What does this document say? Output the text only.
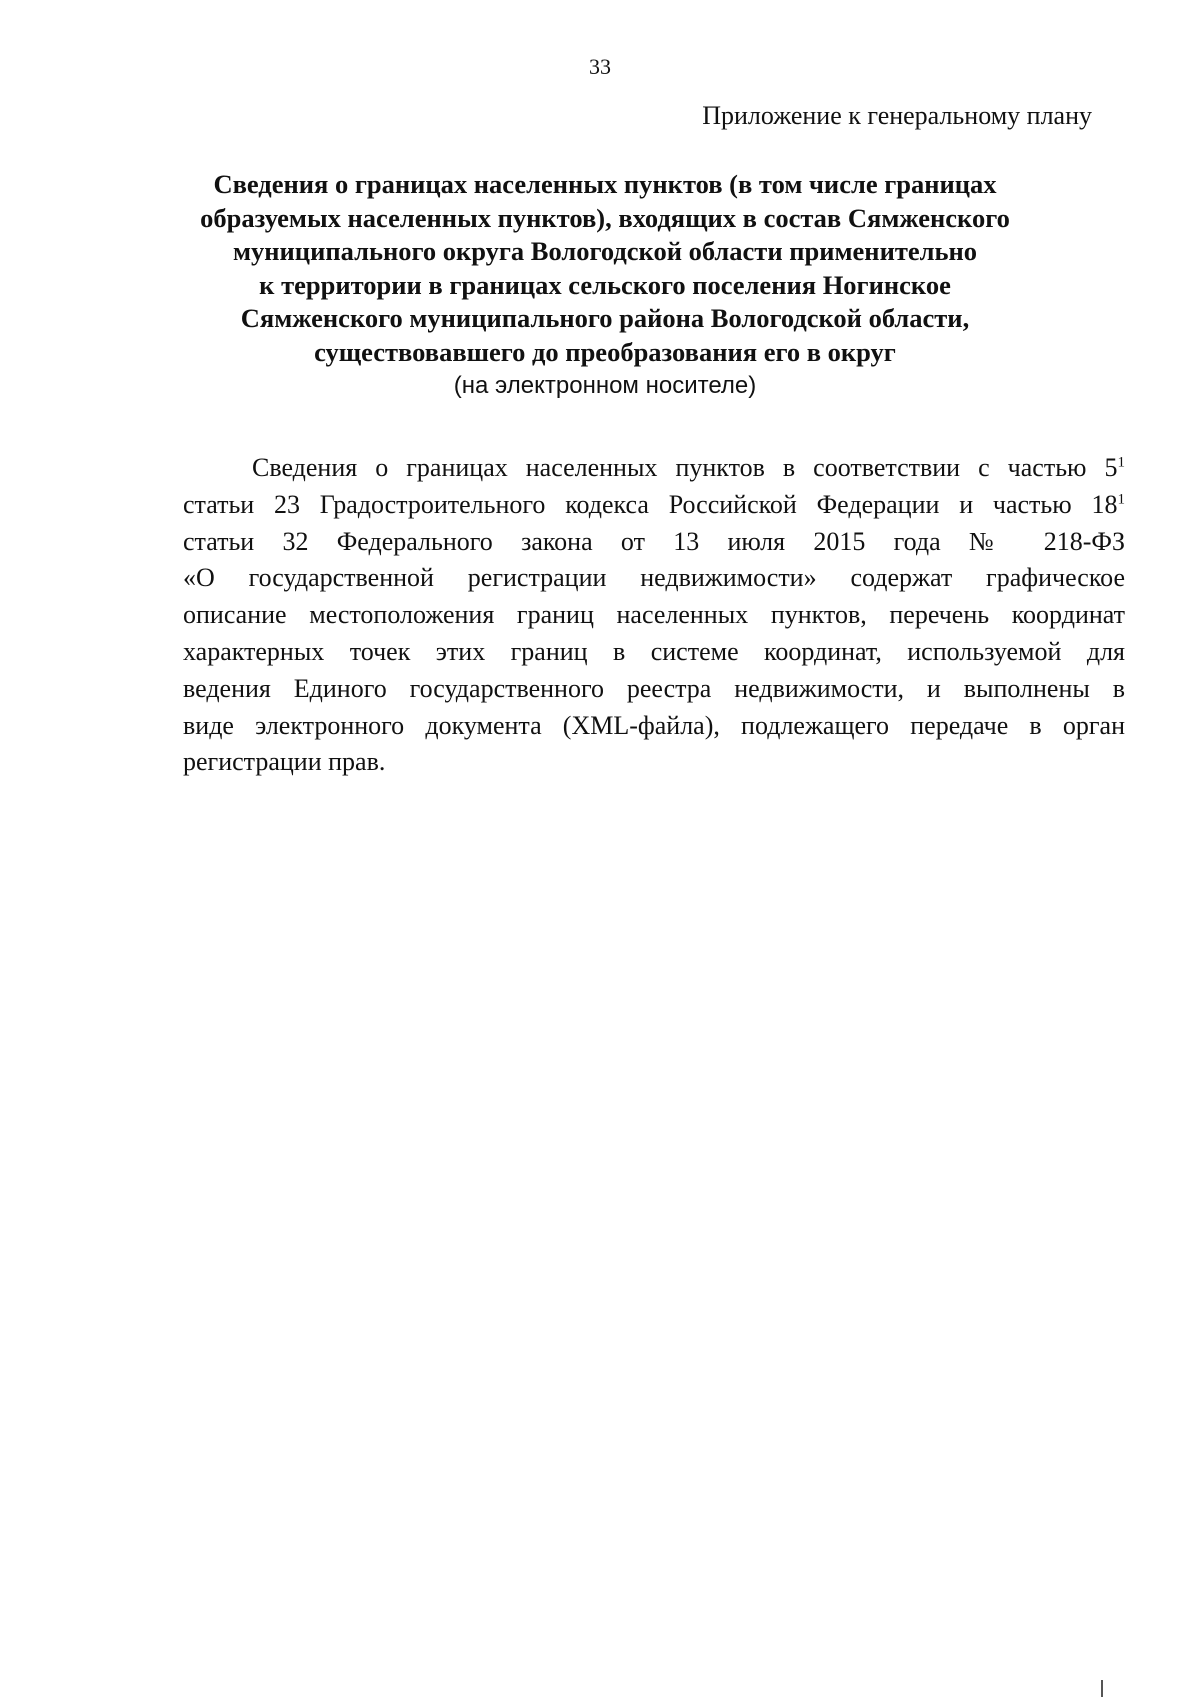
33
Приложение к генеральному плану
Сведения о границах населенных пунктов (в том числе границах
образуемых населенных пунктов), входящих в состав Сямженского
муниципального округа Вологодской области применительно
к территории в границах сельского поселения Ногинское
Сямженского муниципального района Вологодской области,
существовавшего до преобразования его в округ
(на электронном носителе)
Сведения о границах населенных пунктов в соответствии с частью $5^1$
статьи 23 Градостроительного кодекса Российской Федерации и частью $18^1$
статьи 32 Федерального закона от 13 июля 2015 года № 218-ФЗ
«О государственной регистрации недвижимости» содержат графическое
описание местоположения границ населенных пунктов, перечень координат
характерных точек этих границ в системе координат, используемой для
ведения Единого государственного реестра недвижимости, и выполнены в
виде электронного документа (XML-файла), подлежащего передаче в орган
регистрации прав.
